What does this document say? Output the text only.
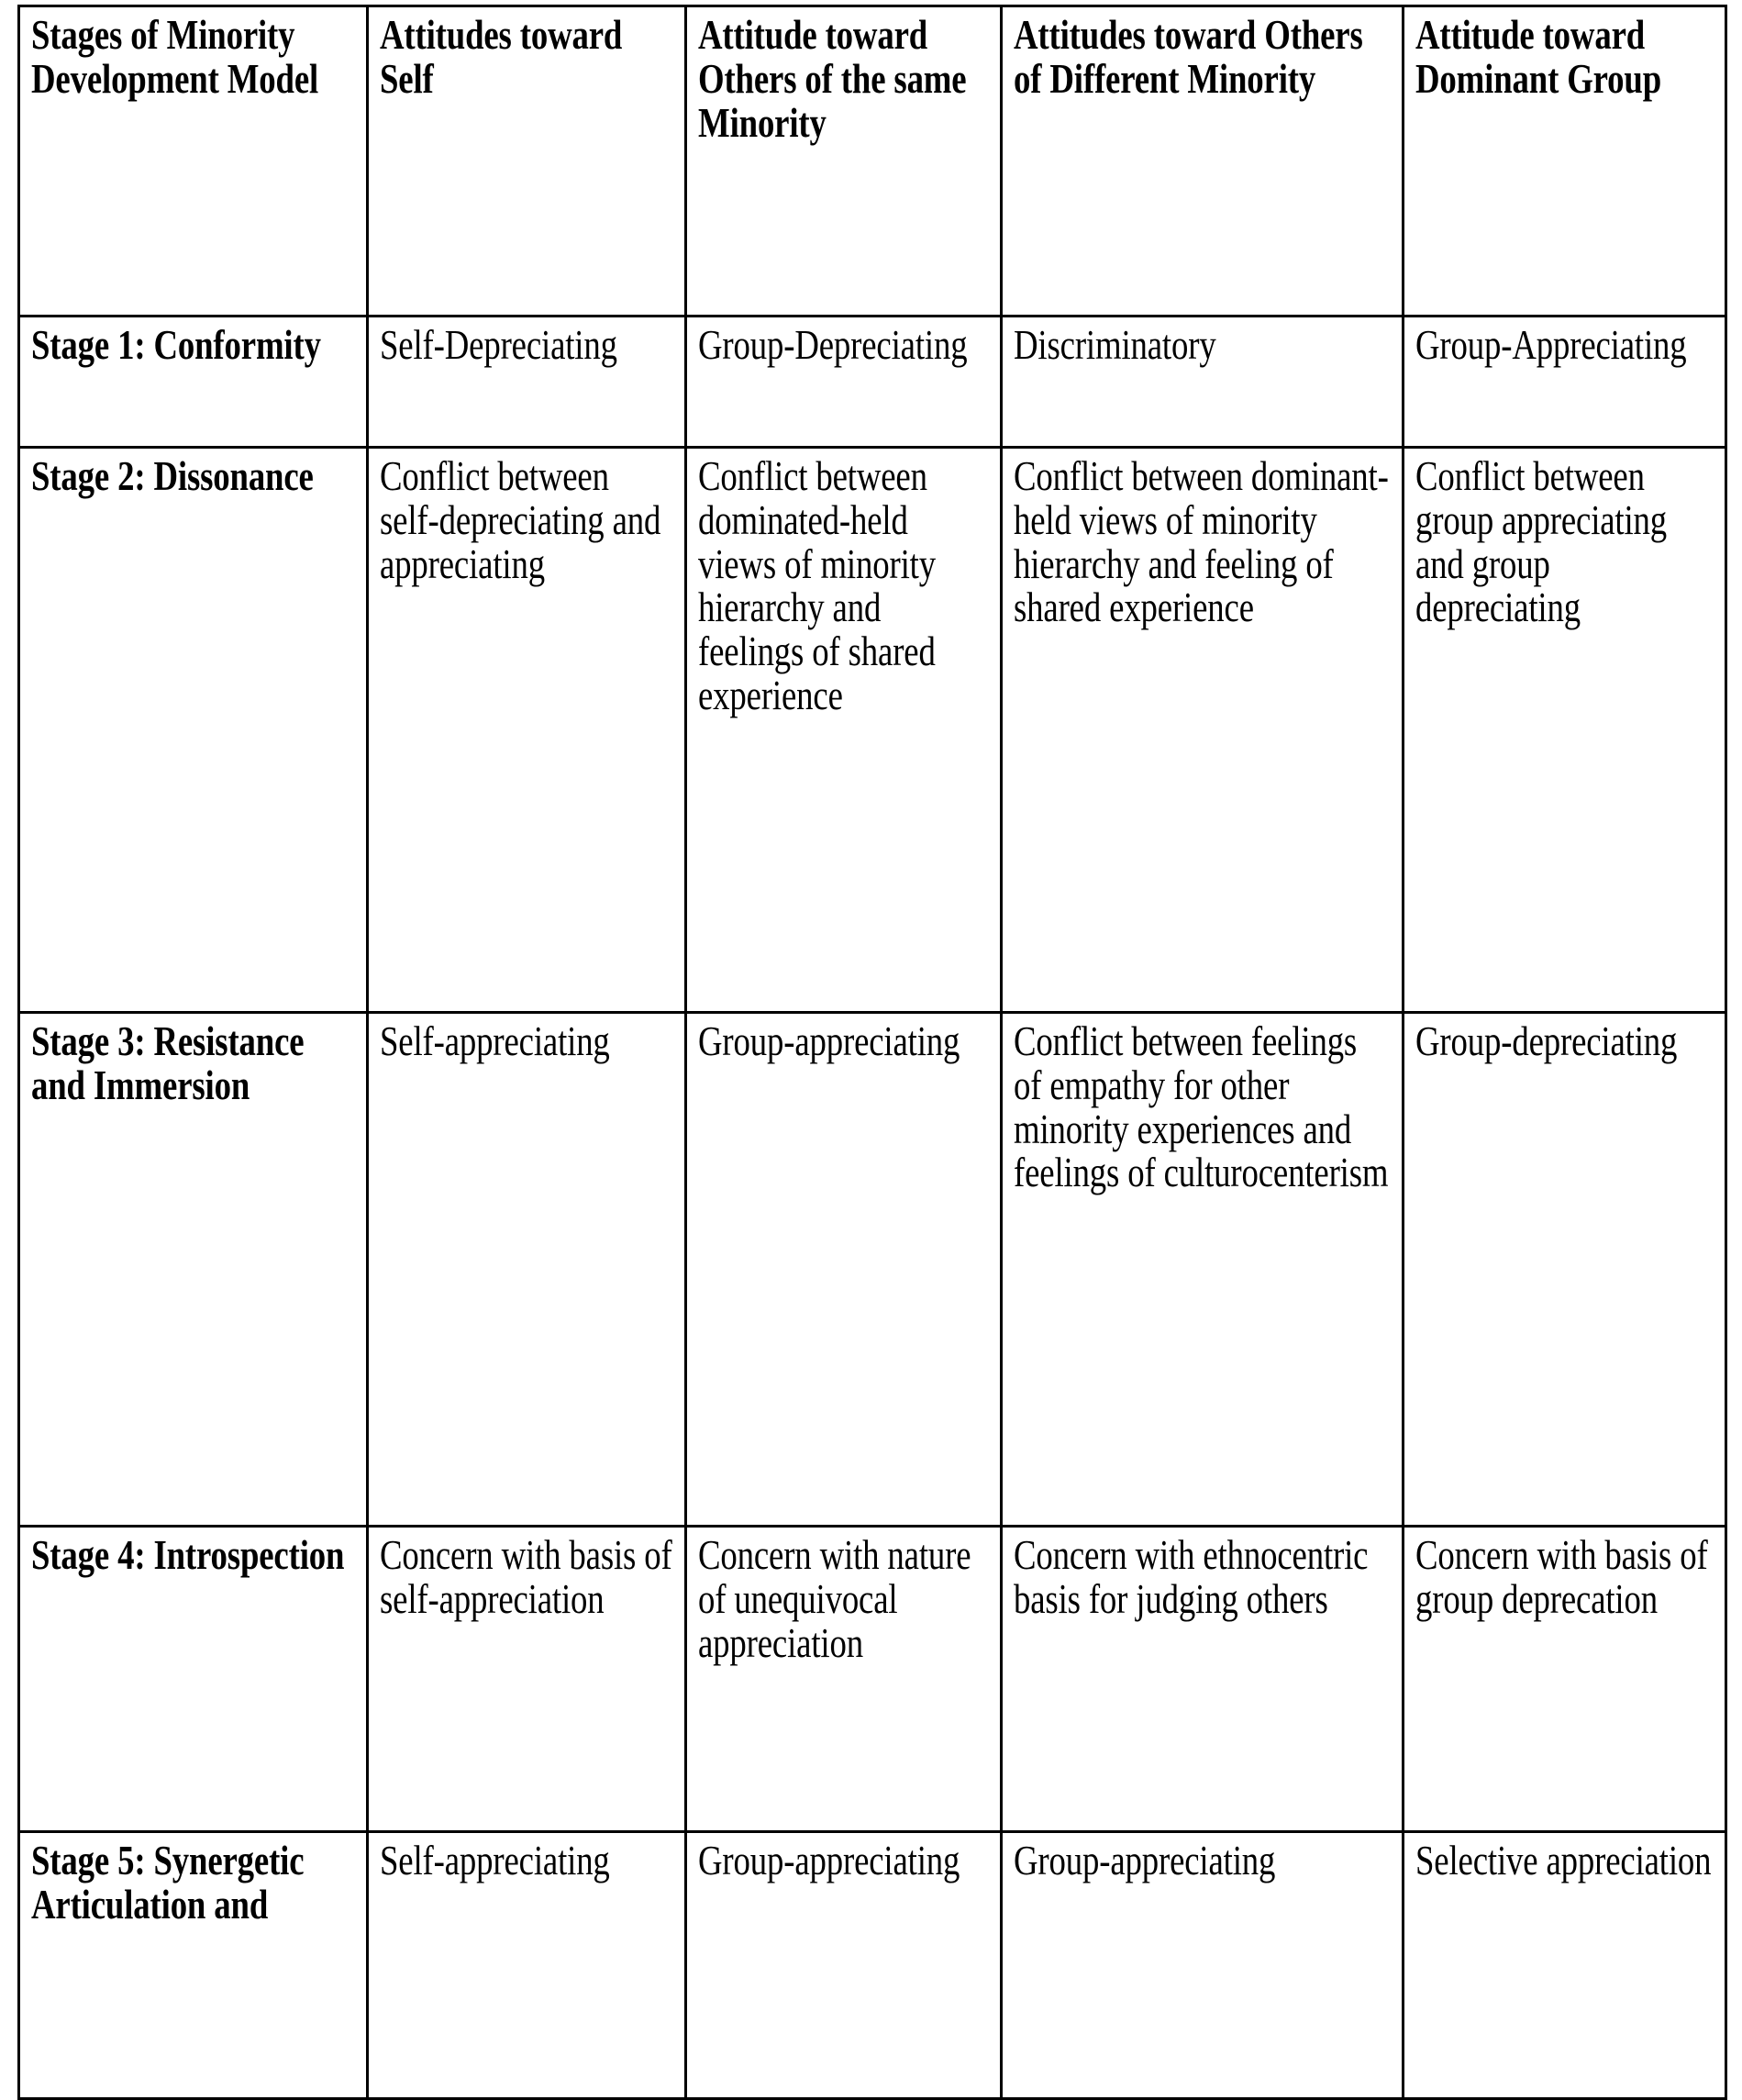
Stages of Minority Development Model	Attitudes toward Self	Attitude toward Others of the same Minority	Attitudes toward Others of Different Minority	Attitude toward Dominant Group

Stage 1: Conformity	Self-Depreciating	Group-Depreciating	Discriminatory	Group-Appreciating

Stage 2: Dissonance	Conflict between self-depreciating and appreciating	Conflict between dominated-held views of minority hierarchy and feelings of shared experience	Conflict between dominant-held views of minority hierarchy and feeling of shared experience	Conflict between group appreciating and group depreciating

Stage 3: Resistance and Immersion	Self-appreciating	Group-appreciating	Conflict between feelings of empathy for other minority experiences and feelings of culturocenterism	Group-depreciating

Stage 4: Introspection	Concern with basis of self-appreciation	Concern with nature of unequivocal appreciation	Concern with ethnocentric basis for judging others	Concern with basis of group deprecation

Stage 5: Synergetic Articulation and	Self-appreciating	Group-appreciating	Group-appreciating	Selective appreciation
